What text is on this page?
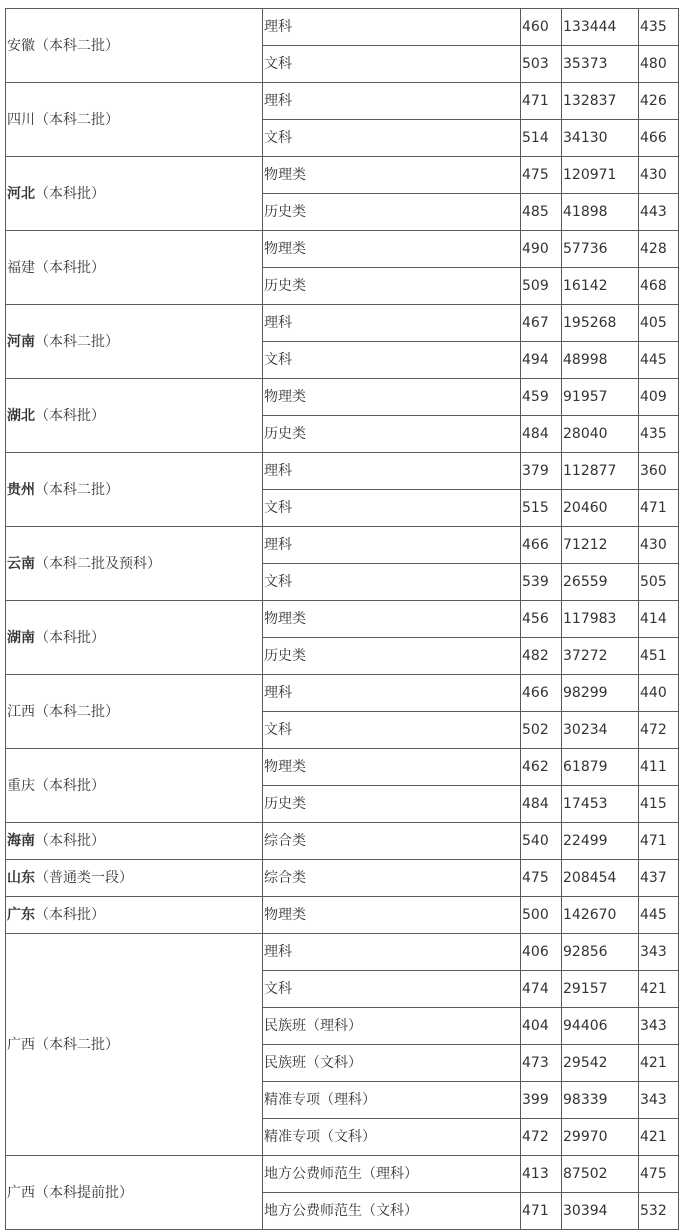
安徽（本科二批）	理科	460	133444	435
	文科	503	35373	480
四川（本科二批）	理科	471	132837	426
	文科	514	34130	466
河北（本科批）	物理类	475	120971	430
	历史类	485	41898	443
福建（本科批）	物理类	490	57736	428
	历史类	509	16142	468
河南（本科二批）	理科	467	195268	405
	文科	494	48998	445
湖北（本科批）	物理类	459	91957	409
	历史类	484	28040	435
贵州（本科二批）	理科	379	112877	360
	文科	515	20460	471
云南（本科二批及预科）	理科	466	71212	430
	文科	539	26559	505
湖南（本科批）	物理类	456	117983	414
	历史类	482	37272	451
江西（本科二批）	理科	466	98299	440
	文科	502	30234	472
重庆（本科批）	物理类	462	61879	411
	历史类	484	17453	415
海南（本科批）	综合类	540	22499	471
山东（普通类一段）	综合类	475	208454	437
广东（本科批）	物理类	500	142670	445
广西（本科二批）	理科	406	92856	343
	文科	474	29157	421
	民族班（理科）	404	94406	343
	民族班（文科）	473	29542	421
	精准专项（理科）	399	98339	343
	精准专项（文科）	472	29970	421
广西（本科提前批）	地方公费师范生（理科）	413	87502	475
	地方公费师范生（文科）	471	30394	532
